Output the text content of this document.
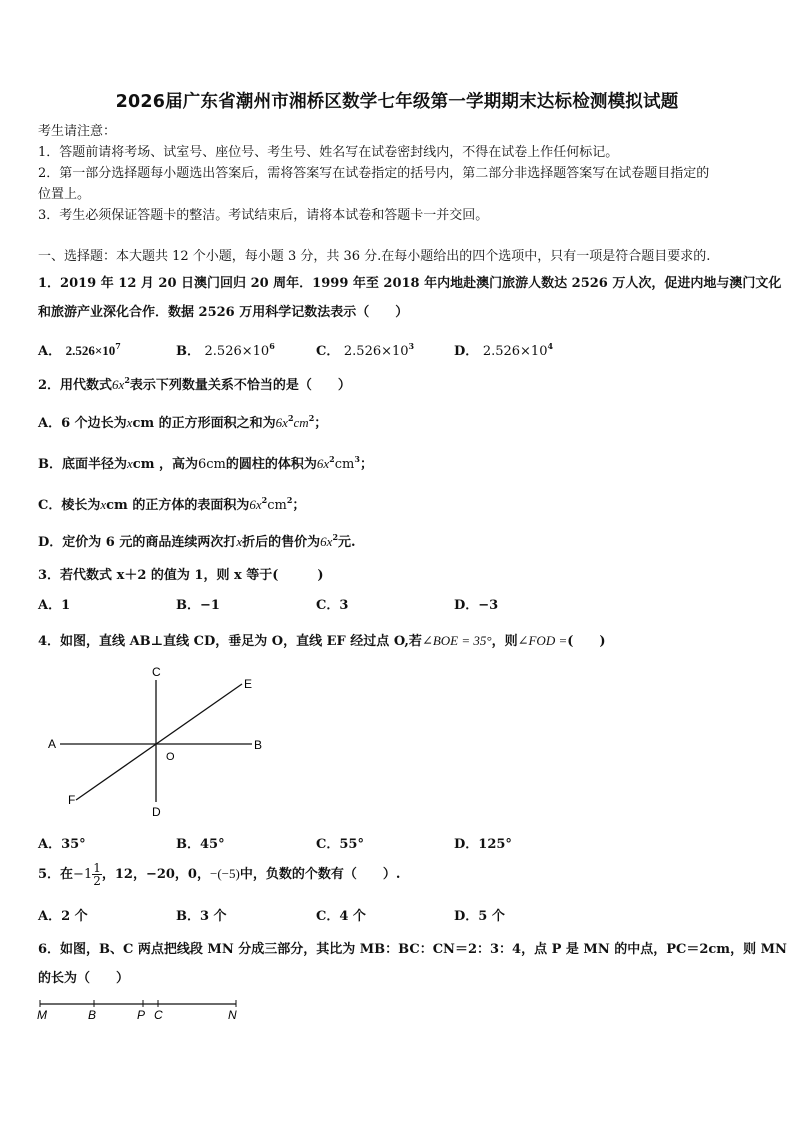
2026届广东省潮州市湘桥区数学七年级第一学期期末达标检测模拟试题
考生请注意：
1．答题前请将考场、试室号、座位号、考生号、姓名写在试卷密封线内，不得在试卷上作任何标记。
2．第一部分选择题每小题选出答案后，需将答案写在试卷指定的括号内，第二部分非选择题答案写在试卷题目指定的
位置上。
3．考生必须保证答题卡的整洁。考试结束后，请将本试卷和答题卡一并交回。
一、选择题：本大题共 12 个小题，每小题 3 分，共 36 分.在每小题给出的四个选项中，只有一项是符合题目要求的.
1．2019 年 12 月 20 日澳门回归 20 周年．1999 年至 2018 年内地赴澳门旅游人数达 2526 万人次，促进内地与澳门文化
和旅游产业深化合作．数据 2526 万用科学记数法表示（　　）
A． $2.526\times 10^7$	B． $2.526\times 10^6$	C． $2.526\times 10^3$	D． $2.526\times 10^4$
2．用代数式$6x^2$表示下列数量关系不恰当的是（　　）
A．6 个边长为xcm 的正方形面积之和为$6x^2cm^2$；
B．底面半径为xcm ，高为6cm的圆柱的体积为$6x^2cm^3$；
C．棱长为xcm 的正方体的表面积为$6x^2cm^2$；
D．定价为 6 元的商品连续两次打x折后的售价为$6x^2$元.
3．若代数式 x＋2 的值为 1，则 x 等于(　　　)
A．1	B．−1	C．3	D．−3
4．如图，直线 AB⊥直线 CD，垂足为 O，直线 EF 经过点 O,若∠BOE = 35°，则∠FOD =(　　)
C
E
A	B
O
F
D
A．35°	B．45°	C．55°	D．125°
5．在$-1 \frac{1}{2}$ ，12，−20，0，−(−5)中，负数的个数有（　　）.
A．2 个	B．3 个	C．4 个	D．5 个
6．如图，B、C 两点把线段 MN 分成三部分，其比为 MB：BC：CN＝2：3：4，点 P 是 MN 的中点，PC＝2cm，则 MN
的长为（　　）
M	B	P C	N
